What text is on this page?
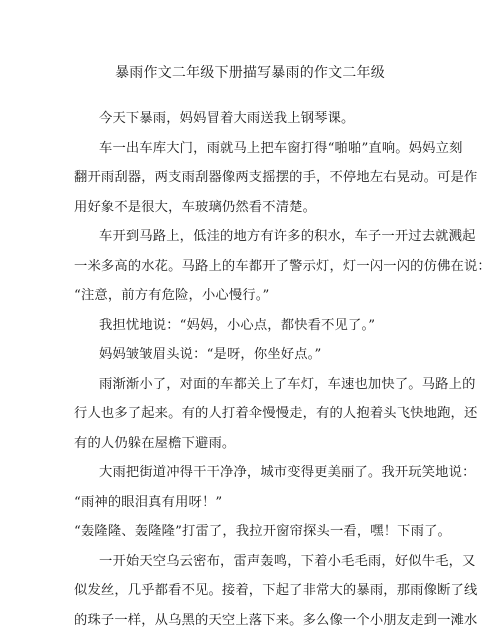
暴雨作文二年级下册描写暴雨的作文二年级
今天下暴雨，妈妈冒着大雨送我上钢琴课。
车一出车库大门，雨就马上把车窗打得“啪啪”直响。妈妈立刻
翻开雨刮器，两支雨刮器像两支摇摆的手，不停地左右晃动。可是作
用好象不是很大，车玻璃仍然看不清楚。
车开到马路上，低洼的地方有许多的积水，车子一开过去就溅起
一米多高的水花。马路上的车都开了警示灯，灯一闪一闪的仿佛在说：
“注意，前方有危险，小心慢行。”
我担忧地说：“妈妈，小心点，都快看不见了。”
妈妈皱皱眉头说：“是呀，你坐好点。”
雨渐渐小了，对面的车都关上了车灯，车速也加快了。马路上的
行人也多了起来。有的人打着伞慢慢走，有的人抱着头飞快地跑，还
有的人仍躲在屋檐下避雨。
大雨把街道冲得干干净净，城市变得更美丽了。我开玩笑地说：
“雨神的眼泪真有用呀！”
“轰隆隆、轰隆隆”打雷了，我拉开窗帘探头一看，嘿！下雨了。
一开始天空乌云密布，雷声轰鸣，下着小毛毛雨，好似牛毛，又
似发丝，几乎都看不见。接着，下起了非常大的暴雨，那雨像断了线
的珠子一样，从乌黑的天空上落下来。多么像一个小朋友走到一滩水
